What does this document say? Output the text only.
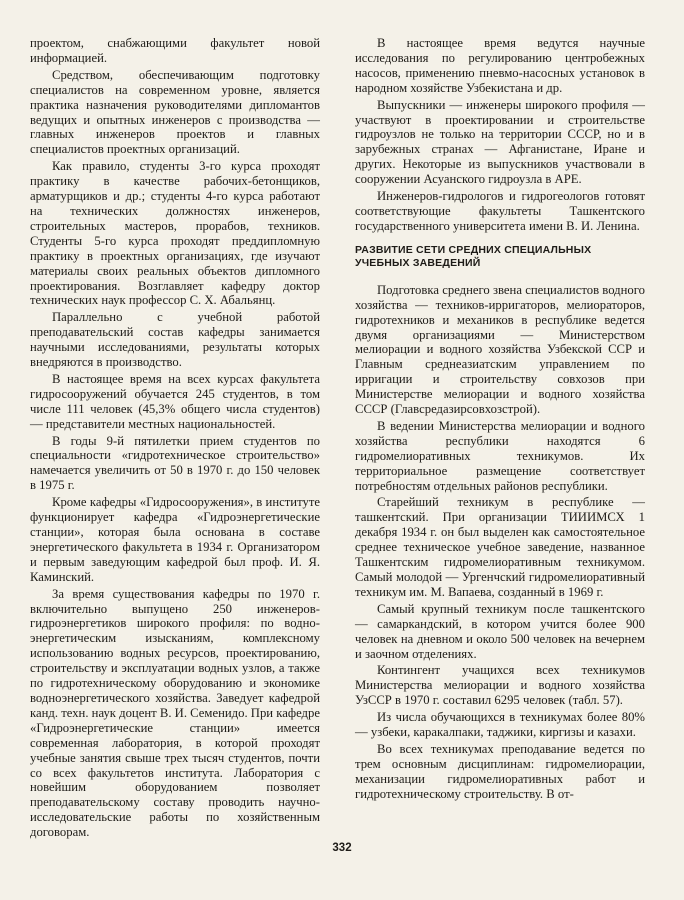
проектом, снабжающими факультет новой информацией.

Средством, обеспечивающим подготовку специалистов на современном уровне, является практика назначения руководителями дипломантов ведущих и опытных инженеров с производства — главных инженеров проектов и главных специалистов проектных организаций.

Как правило, студенты 3-го курса проходят практику в качестве рабочих-бетонщиков, арматурщиков и др.; студенты 4-го курса работают на технических должностях инженеров, строительных мастеров, прорабов, техников. Студенты 5-го курса проходят преддипломную практику в проектных организациях, где изучают материалы своих реальных объектов дипломного проектирования. Возглавляет кафедру доктор технических наук профессор С. Х. Абальянц.

Параллельно с учебной работой преподавательский состав кафедры занимается научными исследованиями, результаты которых внедряются в производство.

В настоящее время на всех курсах факультета гидросооружений обучается 245 студентов, в том числе 111 человек (45,3% общего числа студентов) — представители местных национальностей.

В годы 9-й пятилетки прием студентов по специальности «гидротехническое строительство» намечается увеличить от 50 в 1970 г. до 150 человек в 1975 г.

Кроме кафедры «Гидросооружения», в институте функционирует кафедра «Гидроэнергетические станции», которая была основана в составе энергетического факультета в 1934 г. Организатором и первым заведующим кафедрой был проф. И. Я. Каминский.

За время существования кафедры по 1970 г. включительно выпущено 250 инженеров-гидроэнергетиков широкого профиля: по водно-энергетическим изысканиям, комплексному использованию водных ресурсов, проектированию, строительству и эксплуатации водных узлов, а также по гидротехническому оборудованию и экономике водноэнергетического хозяйства. Заведует кафедрой канд. техн. наук доцент В. И. Семенидо. При кафедре «Гидроэнергетические станции» имеется современная лаборатория, в которой проходят учебные занятия свыше трех тысяч студентов, почти со всех факультетов института. Лаборатория с новейшим оборудованием позволяет преподавательскому составу проводить научно-исследовательские работы по хозяйственным договорам.

В настоящее время ведутся научные исследования по регулированию центробежных насосов, применению пневмо-насосных установок в народном хозяйстве Узбекистана и др.

Выпускники — инженеры широкого профиля — участвуют в проектировании и строительстве гидроузлов не только на территории СССР, но и в зарубежных странах — Афганистане, Иране и других. Некоторые из выпускников участвовали в сооружении Асуанского гидроузла в АРЕ.

Инженеров-гидрологов и гидрогеологов готовят соответствующие факультеты Ташкентского государственного университета имени В. И. Ленина.

РАЗВИТИЕ СЕТИ СРЕДНИХ СПЕЦИАЛЬНЫХ УЧЕБНЫХ ЗАВЕДЕНИЙ

Подготовка среднего звена специалистов водного хозяйства — техников-ирригаторов, мелиораторов, гидротехников и механиков в республике ведется двумя организациями — Министерством мелиорации и водного хозяйства Узбекской ССР и Главным среднеазиатским управлением по ирригации и строительству совхозов при Министерстве мелиорации и водного хозяйства СССР (Главсредазирсовхозстрой).

В ведении Министерства мелиорации и водного хозяйства республики находятся 6 гидромелиоративных техникумов. Их территориальное размещение соответствует потребностям отдельных районов республики.

Старейший техникум в республике — ташкентский. При организации ТИИИМСХ 1 декабря 1934 г. он был выделен как самостоятельное среднее техническое учебное заведение, названное Ташкентским гидромелиоративным техникумом. Самый молодой — Ургенчский гидромелиоративный техникум им. М. Вапаева, созданный в 1969 г.

Самый крупный техникум после ташкентского — самаркандский, в котором учится более 900 человек на дневном и около 500 человек на вечернем и заочном отделениях.

Контингент учащихся всех техникумов Министерства мелиорации и водного хозяйства УзССР в 1970 г. составил 6295 человек (табл. 57).

Из числа обучающихся в техникумах более 80% — узбеки, каракалпаки, таджики, киргизы и казахи.

Во всех техникумах преподавание ведется по трем основным дисциплинам: гидромелиорации, механизации гидромелиоративных работ и гидротехническому строительству. В от-

332
